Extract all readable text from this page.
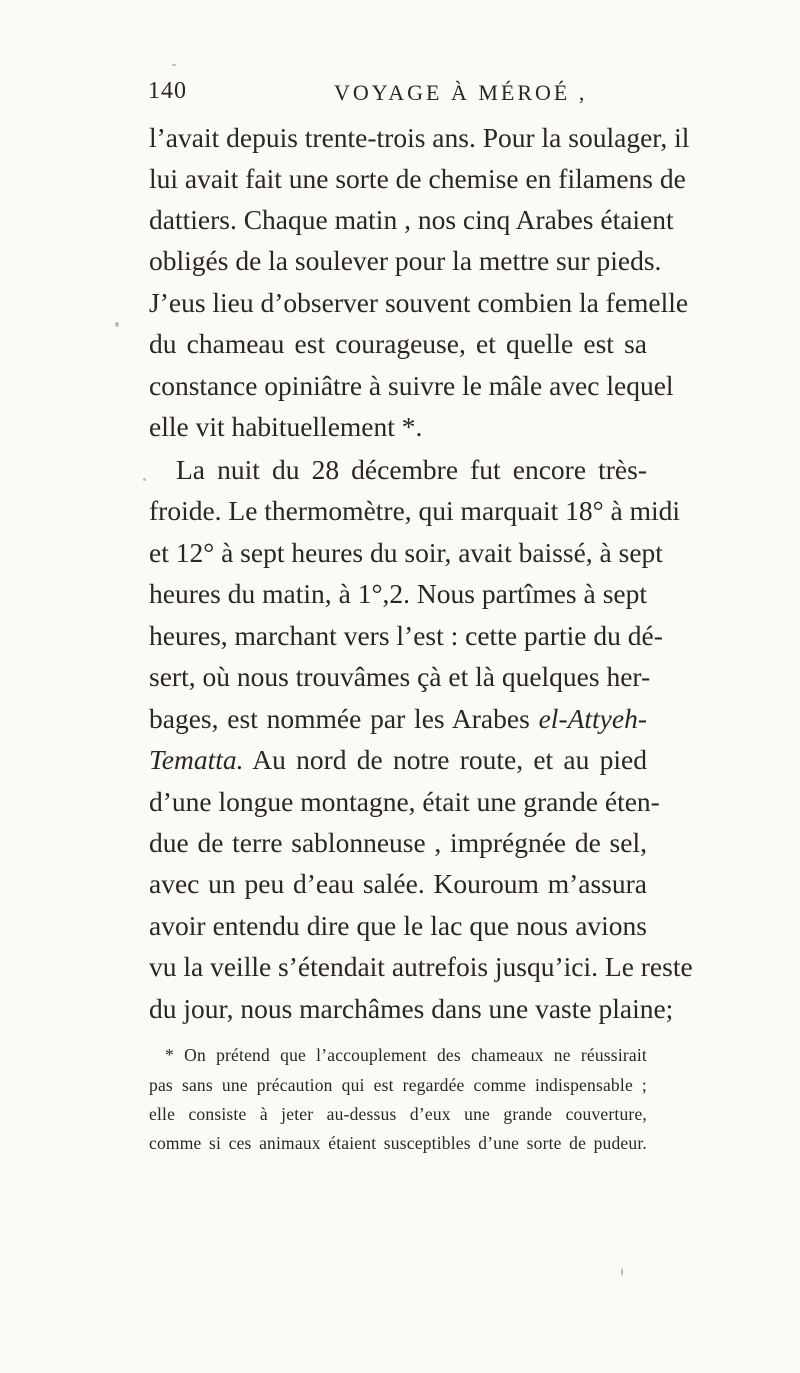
140	VOYAGE À MÉROÉ ,
l’avait depuis trente-trois ans. Pour la soulager, il
lui avait fait une sorte de chemise en filamens de
dattiers. Chaque matin , nos cinq Arabes étaient
obligés de la soulever pour la mettre sur pieds.
J’eus lieu d’observer souvent combien la femelle
du chameau est courageuse, et quelle est sa
constance opiniâtre à suivre le mâle avec lequel
elle vit habituellement *.
La nuit du 28 décembre fut encore très-
froide. Le thermomètre, qui marquait 18° à midi
et 12° à sept heures du soir, avait baissé, à sept
heures du matin, à 1°,2. Nous partîmes à sept
heures, marchant vers l’est : cette partie du dé-
sert, où nous trouvâmes çà et là quelques her-
bages, est nommée par les Arabes el-Attyeh-
Tematta. Au nord de notre route, et au pied
d’une longue montagne, était une grande éten-
due de terre sablonneuse , imprégnée de sel,
avec un peu d’eau salée. Kouroum m’assura
avoir entendu dire que le lac que nous avions
vu la veille s’étendait autrefois jusqu’ici. Le reste
du jour, nous marchâmes dans une vaste plaine;
* On prétend que l’accouplement des chameaux ne réussirait
pas sans une précaution qui est regardée comme indispensable ;
elle consiste à jeter au-dessus d’eux une grande couverture,
comme si ces animaux étaient susceptibles d’une sorte de pudeur.
